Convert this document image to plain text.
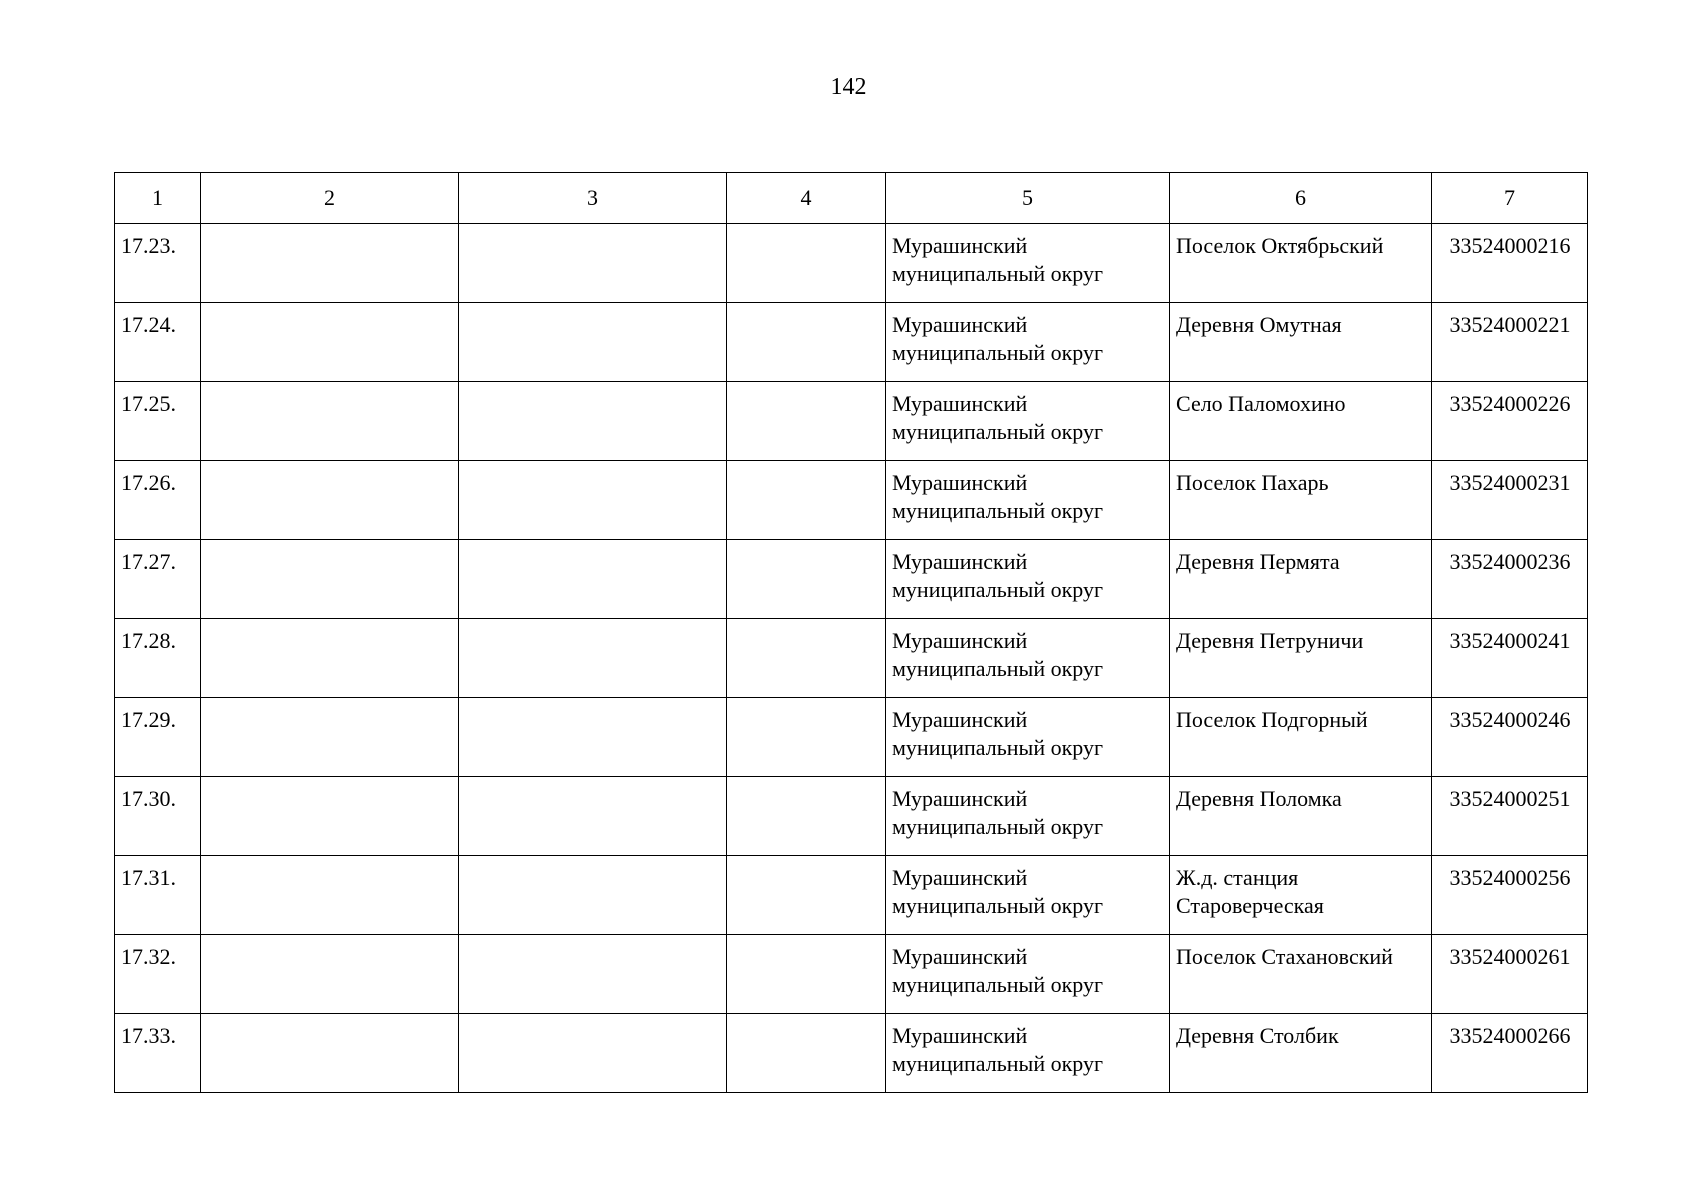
142
1	2	3	4	5	6	7
17.23.				Мурашинский муниципальный округ	Поселок Октябрьский	33524000216
17.24.				Мурашинский муниципальный округ	Деревня Омутная	33524000221
17.25.				Мурашинский муниципальный округ	Село Паломохино	33524000226
17.26.				Мурашинский муниципальный округ	Поселок Пахарь	33524000231
17.27.				Мурашинский муниципальный округ	Деревня Пермята	33524000236
17.28.				Мурашинский муниципальный округ	Деревня Петруничи	33524000241
17.29.				Мурашинский муниципальный округ	Поселок Подгорный	33524000246
17.30.				Мурашинский муниципальный округ	Деревня Поломка	33524000251
17.31.				Мурашинский муниципальный округ	Ж.д. станция Староверческая	33524000256
17.32.				Мурашинский муниципальный округ	Поселок Стахановский	33524000261
17.33.				Мурашинский муниципальный округ	Деревня Столбик	33524000266
